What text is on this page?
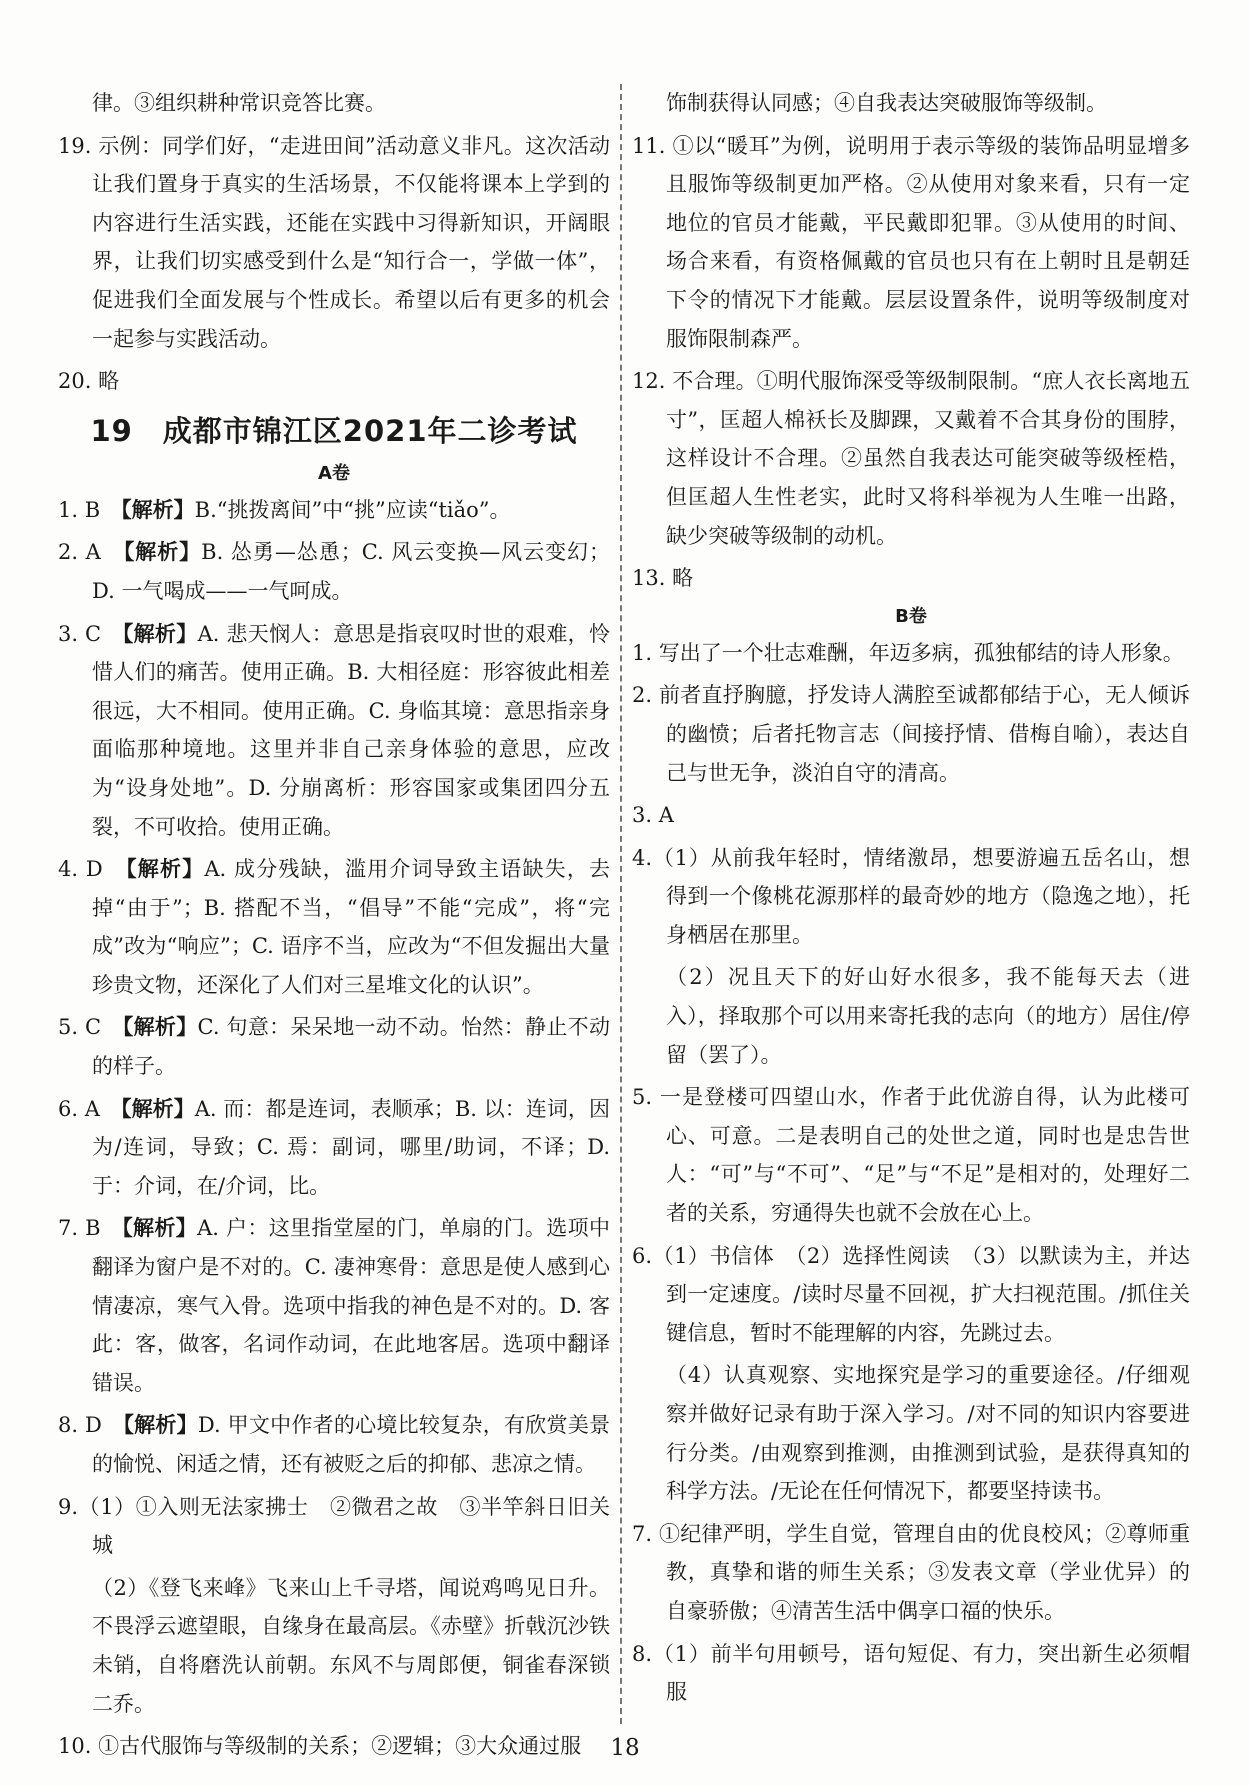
律。③组织耕种常识竞答比赛。

19. 示例：同学们好，“走进田间”活动意义非凡。这次活动让我们置身于真实的生活场景，不仅能将课本上学到的内容进行生活实践，还能在实践中习得新知识，开阔眼界，让我们切实感受到什么是“知行合一，学做一体”，促进我们全面发展与个性成长。希望以后有更多的机会一起参与实践活动。

20. 略

19　成都市锦江区2021年二诊考试
A卷

1. B　【解析】B.“挑拨离间”中“挑”应读“tiǎo”。

2. A　【解析】B. 怂勇—怂恿；C. 风云变换—风云变幻；D. 一气喝成——一气呵成。

3. C　【解析】A. 悲天悯人：意思是指哀叹时世的艰难，怜惜人们的痛苦。使用正确。B. 大相径庭：形容彼此相差很远，大不相同。使用正确。C. 身临其境：意思指亲身面临那种境地。这里并非自己亲身体验的意思，应改为“设身处地”。D. 分崩离析：形容国家或集团四分五裂，不可收拾。使用正确。

4. D　【解析】A. 成分残缺，滥用介词导致主语缺失，去掉“由于”；B. 搭配不当，“倡导”不能“完成”，将“完成”改为“响应”；C. 语序不当，应改为“不但发掘出大量珍贵文物，还深化了人们对三星堆文化的认识”。

5. C　【解析】C. 句意：呆呆地一动不动。怡然：静止不动的样子。

6. A　【解析】A. 而：都是连词，表顺承；B. 以：连词，因为/连词，导致；C. 焉：副词，哪里/助词，不译；D. 于：介词，在/介词，比。

7. B　【解析】A. 户：这里指堂屋的门，单扇的门。选项中翻译为窗户是不对的。C. 凄神寒骨：意思是使人感到心情凄凉，寒气入骨。选项中指我的神色是不对的。D. 客此：客，做客，名词作动词，在此地客居。选项中翻译错误。

8. D　【解析】D. 甲文中作者的心境比较复杂，有欣赏美景的愉悦、闲适之情，还有被贬之后的抑郁、悲凉之情。

9.（1）①入则无法家拂士　②微君之故　③半竿斜日旧关城

（2）《登飞来峰》飞来山上千寻塔，闻说鸡鸣见日升。不畏浮云遮望眼，自缘身在最高层。《赤壁》折戟沉沙铁未销，自将磨洗认前朝。东风不与周郎便，铜雀春深锁二乔。

10. ①古代服饰与等级制的关系；②逻辑；③大众通过服

饰制获得认同感；④自我表达突破服饰等级制。

11. ①以“暖耳”为例，说明用于表示等级的装饰品明显增多且服饰等级制更加严格。②从使用对象来看，只有一定地位的官员才能戴，平民戴即犯罪。③从使用的时间、场合来看，有资格佩戴的官员也只有在上朝时且是朝廷下令的情况下才能戴。层层设置条件，说明等级制度对服饰限制森严。

12. 不合理。①明代服饰深受等级制限制。“庶人衣长离地五寸”，匡超人棉袄长及脚踝，又戴着不合其身份的围脖，这样设计不合理。②虽然自我表达可能突破等级桎梏，但匡超人生性老实，此时又将科举视为人生唯一出路，缺少突破等级制的动机。

13. 略

B卷

1. 写出了一个壮志难酬，年迈多病，孤独郁结的诗人形象。

2. 前者直抒胸臆，抒发诗人满腔至诚都郁结于心，无人倾诉的幽愤；后者托物言志（间接抒情、借梅自喻），表达自己与世无争，淡泊自守的清高。

3. A

4.（1）从前我年轻时，情绪激昂，想要游遍五岳名山，想得到一个像桃花源那样的最奇妙的地方（隐逸之地），托身栖居在那里。

（2）况且天下的好山好水很多，我不能每天去（进入），择取那个可以用来寄托我的志向（的地方）居住/停留（罢了）。

5. 一是登楼可四望山水，作者于此优游自得，认为此楼可心、可意。二是表明自己的处世之道，同时也是忠告世人：“可”与“不可”、“足”与“不足”是相对的，处理好二者的关系，穷通得失也就不会放在心上。

6.（1）书信体　（2）选择性阅读　（3）以默读为主，并达到一定速度。/读时尽量不回视，扩大扫视范围。/抓住关键信息，暂时不能理解的内容，先跳过去。

（4）认真观察、实地探究是学习的重要途径。/仔细观察并做好记录有助于深入学习。/对不同的知识内容要进行分类。/由观察到推测，由推测到试验，是获得真知的科学方法。/无论在任何情况下，都要坚持读书。

7. ①纪律严明，学生自觉，管理自由的优良校风；②尊师重教，真挚和谐的师生关系；③发表文章（学业优异）的自豪骄傲；④清苦生活中偶享口福的快乐。

8.（1）前半句用顿号，语句短促、有力，突出新生必须帽服

18
